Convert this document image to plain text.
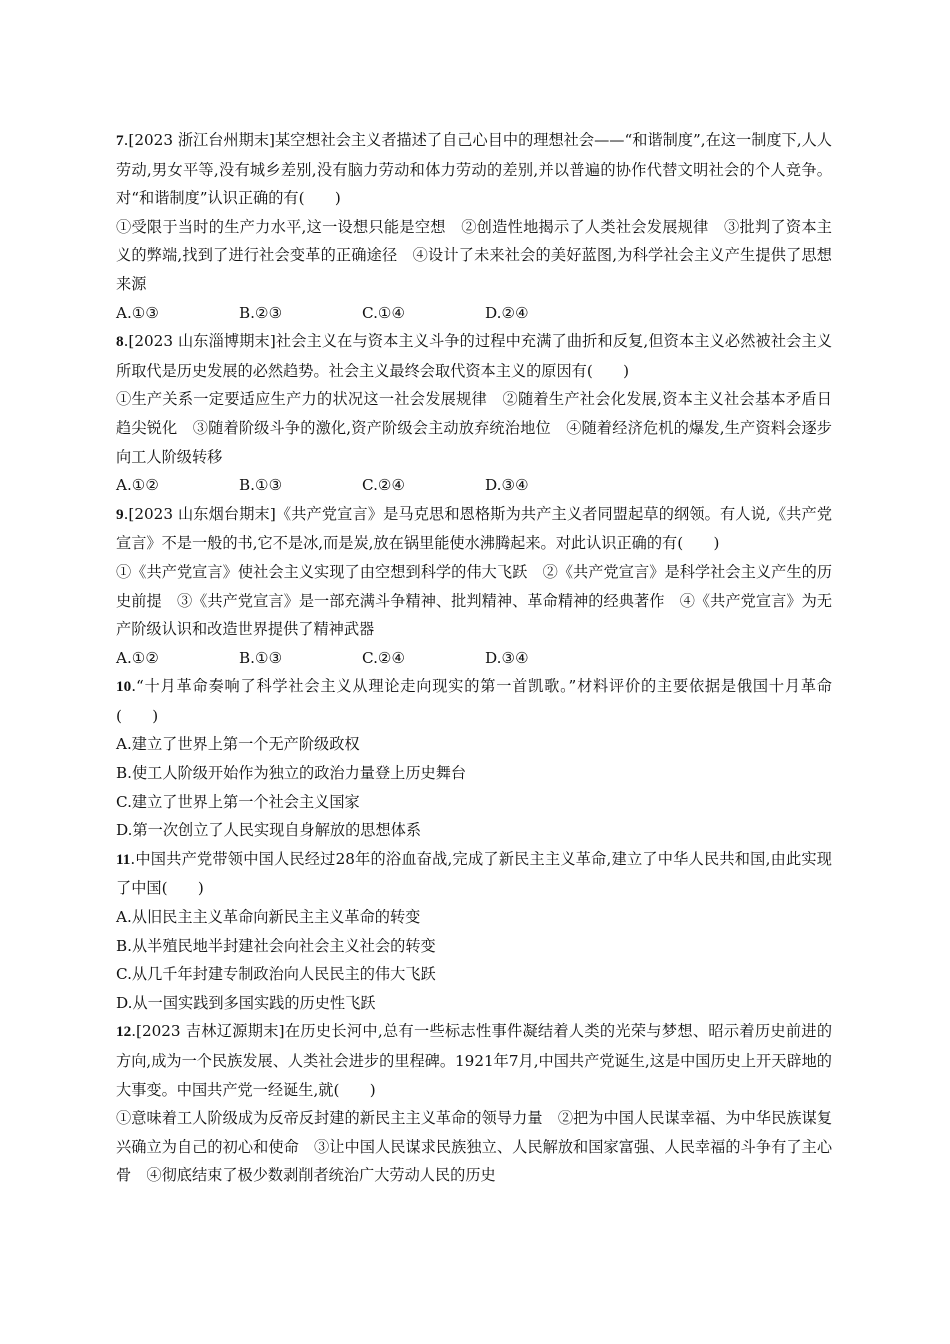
7.[2023 浙江台州期末]某空想社会主义者描述了自己心目中的理想社会——“和谐制度”,在这一制度下,人人劳动,男女平等,没有城乡差别,没有脑力劳动和体力劳动的差别,并以普遍的协作代替文明社会的个人竞争。对“和谐制度”认识正确的有(　　)

①受限于当时的生产力水平,这一设想只能是空想　②创造性地揭示了人类社会发展规律　③批判了资本主义的弊端,找到了进行社会变革的正确途径　④设计了未来社会的美好蓝图,为科学社会主义产生提供了思想来源

A.①③	B.②③	C.①④	D.②④

8.[2023 山东淄博期末]社会主义在与资本主义斗争的过程中充满了曲折和反复,但资本主义必然被社会主义所取代是历史发展的必然趋势。社会主义最终会取代资本主义的原因有(　　)

①生产关系一定要适应生产力的状况这一社会发展规律　②随着生产社会化发展,资本主义社会基本矛盾日趋尖锐化　③随着阶级斗争的激化,资产阶级会主动放弃统治地位　④随着经济危机的爆发,生产资料会逐步向工人阶级转移

A.①②	B.①③	C.②④	D.③④

9.[2023 山东烟台期末]《共产党宣言》是马克思和恩格斯为共产主义者同盟起草的纲领。有人说,《共产党宣言》不是一般的书,它不是冰,而是炭,放在锅里能使水沸腾起来。对此认识正确的有(　　)

①《共产党宣言》使社会主义实现了由空想到科学的伟大飞跃　②《共产党宣言》是科学社会主义产生的历史前提　③《共产党宣言》是一部充满斗争精神、批判精神、革命精神的经典著作　④《共产党宣言》为无产阶级认识和改造世界提供了精神武器

A.①②	B.①③	C.②④	D.③④

10.“十月革命奏响了科学社会主义从理论走向现实的第一首凯歌。”材料评价的主要依据是俄国十月革命(　　)

A.建立了世界上第一个无产阶级政权

B.使工人阶级开始作为独立的政治力量登上历史舞台

C.建立了世界上第一个社会主义国家

D.第一次创立了人民实现自身解放的思想体系

11.中国共产党带领中国人民经过28年的浴血奋战,完成了新民主主义革命,建立了中华人民共和国,由此实现了中国(　　)

A.从旧民主主义革命向新民主主义革命的转变

B.从半殖民地半封建社会向社会主义社会的转变

C.从几千年封建专制政治向人民民主的伟大飞跃

D.从一国实践到多国实践的历史性飞跃

12.[2023 吉林辽源期末]在历史长河中,总有一些标志性事件凝结着人类的光荣与梦想、昭示着历史前进的方向,成为一个民族发展、人类社会进步的里程碑。1921年7月,中国共产党诞生,这是中国历史上开天辟地的大事变。中国共产党一经诞生,就(　　)

①意味着工人阶级成为反帝反封建的新民主主义革命的领导力量　②把为中国人民谋幸福、为中华民族谋复兴确立为自己的初心和使命　③让中国人民谋求民族独立、人民解放和国家富强、人民幸福的斗争有了主心骨　④彻底结束了极少数剥削者统治广大劳动人民的历史
